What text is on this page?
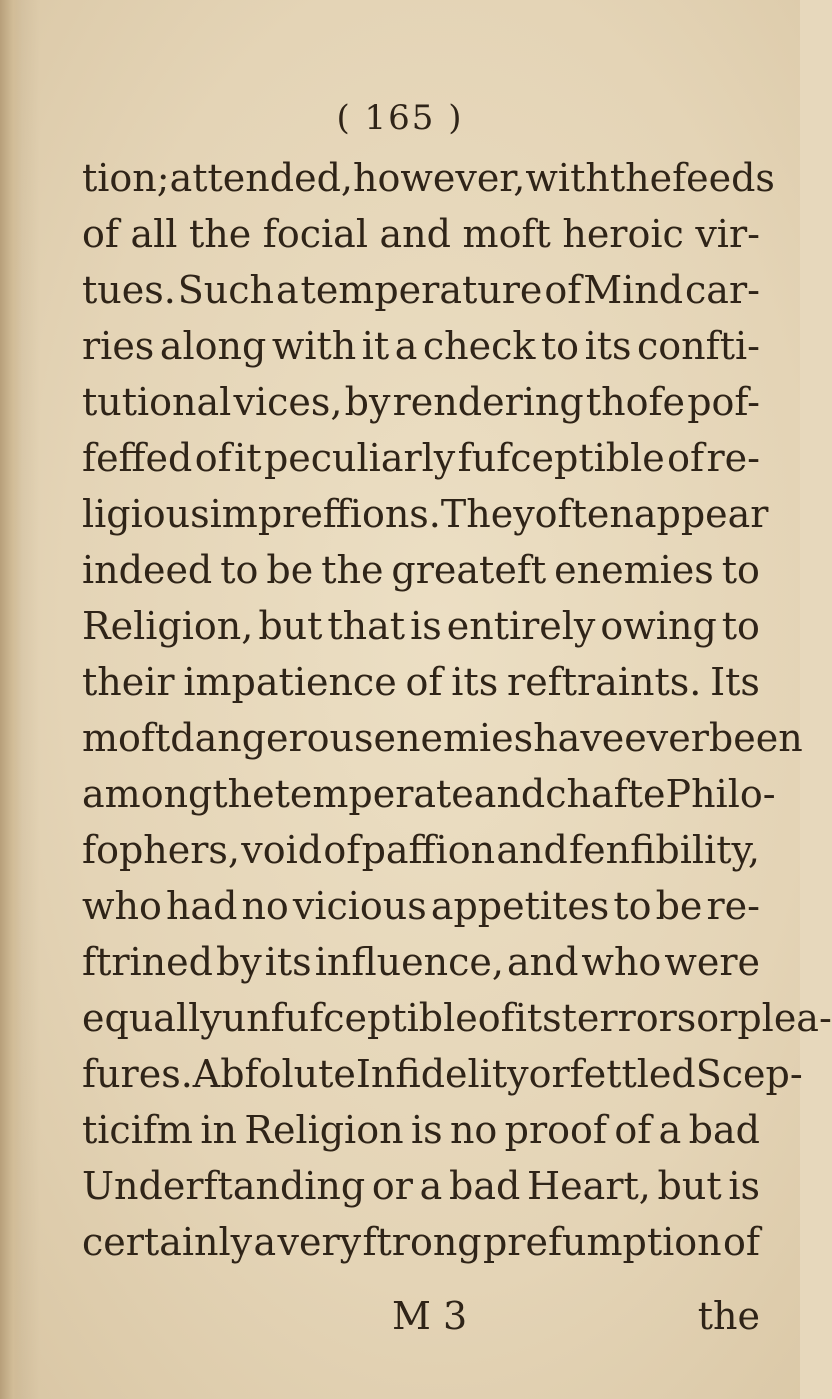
( 165 )
tion ; attended, however, with the feeds
of all the focial and moft heroic vir-
tues. Such a temperature of Mind car-
ries along with it a check to its confti-
tutional vices, by rendering thofe pof-
feffed of it peculiarly fufceptible of re-
ligious impreffions. They often appear
indeed to be the greateft enemies to
Religion, but that is entirely owing to
their impatience of its reftraints. Its
moft dangerous enemies have ever been
among the temperate and chafte Philo-
fophers, void of paffion and fenfibility,
who had no vicious appetites to be re-
ftrined by its influence, and who were
equally unfufceptible of its terrors or plea-
fures. Abfolute Infidelity or fettled Scep-
ticifm in Religion is no proof of a bad
Underftanding or a bad Heart, but is
certainly a very ftrong prefumption of
M 3	the
